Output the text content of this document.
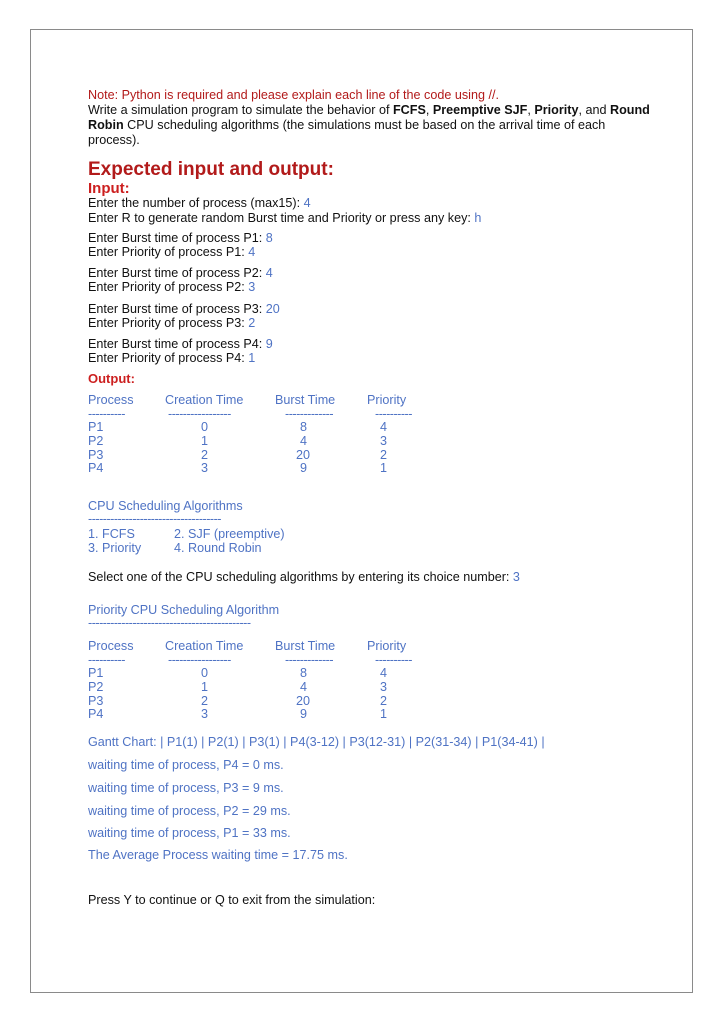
Note: Python is required and please explain each line of the code using //.
Write a simulation program to simulate the behavior of FCFS, Preemptive SJF, Priority, and Round
Robin CPU scheduling algorithms (the simulations must be based on the arrival time of each
process).
Expected input and output:
Input:
Enter the number of process (max15): 4
Enter R to generate random Burst time and Priority or press any key: h
Enter Burst time of process P1: 8
Enter Priority of process P1: 4
Enter Burst time of process P2: 4
Enter Priority of process P2: 3
Enter Burst time of process P3: 20
Enter Priority of process P3: 2
Enter Burst time of process P4: 9
Enter Priority of process P4: 1
Output:
Process	Creation Time	Burst Time	Priority
----------	-----------------	-------------	----------
P1	0	8	4
P2	1	4	3
P3	2	20	2
P4	3	9	1
CPU Scheduling Algorithms
------------------------------------
1. FCFS	2. SJF (preemptive)
3. Priority	4. Round Robin
Select one of the CPU scheduling algorithms by entering its choice number: 3
Priority CPU Scheduling Algorithm
--------------------------------------------
Process	Creation Time	Burst Time	Priority
----------	-----------------	-------------	----------
P1	0	8	4
P2	1	4	3
P3	2	20	2
P4	3	9	1
Gantt Chart: | P1(1) | P2(1) | P3(1) | P4(3-12) | P3(12-31) | P2(31-34) | P1(34-41) |
waiting time of process, P4 = 0 ms.
waiting time of process, P3 = 9 ms.
waiting time of process, P2 = 29 ms.
waiting time of process, P1 = 33 ms.
The Average Process waiting time = 17.75 ms.
Press Y to continue or Q to exit from the simulation:
